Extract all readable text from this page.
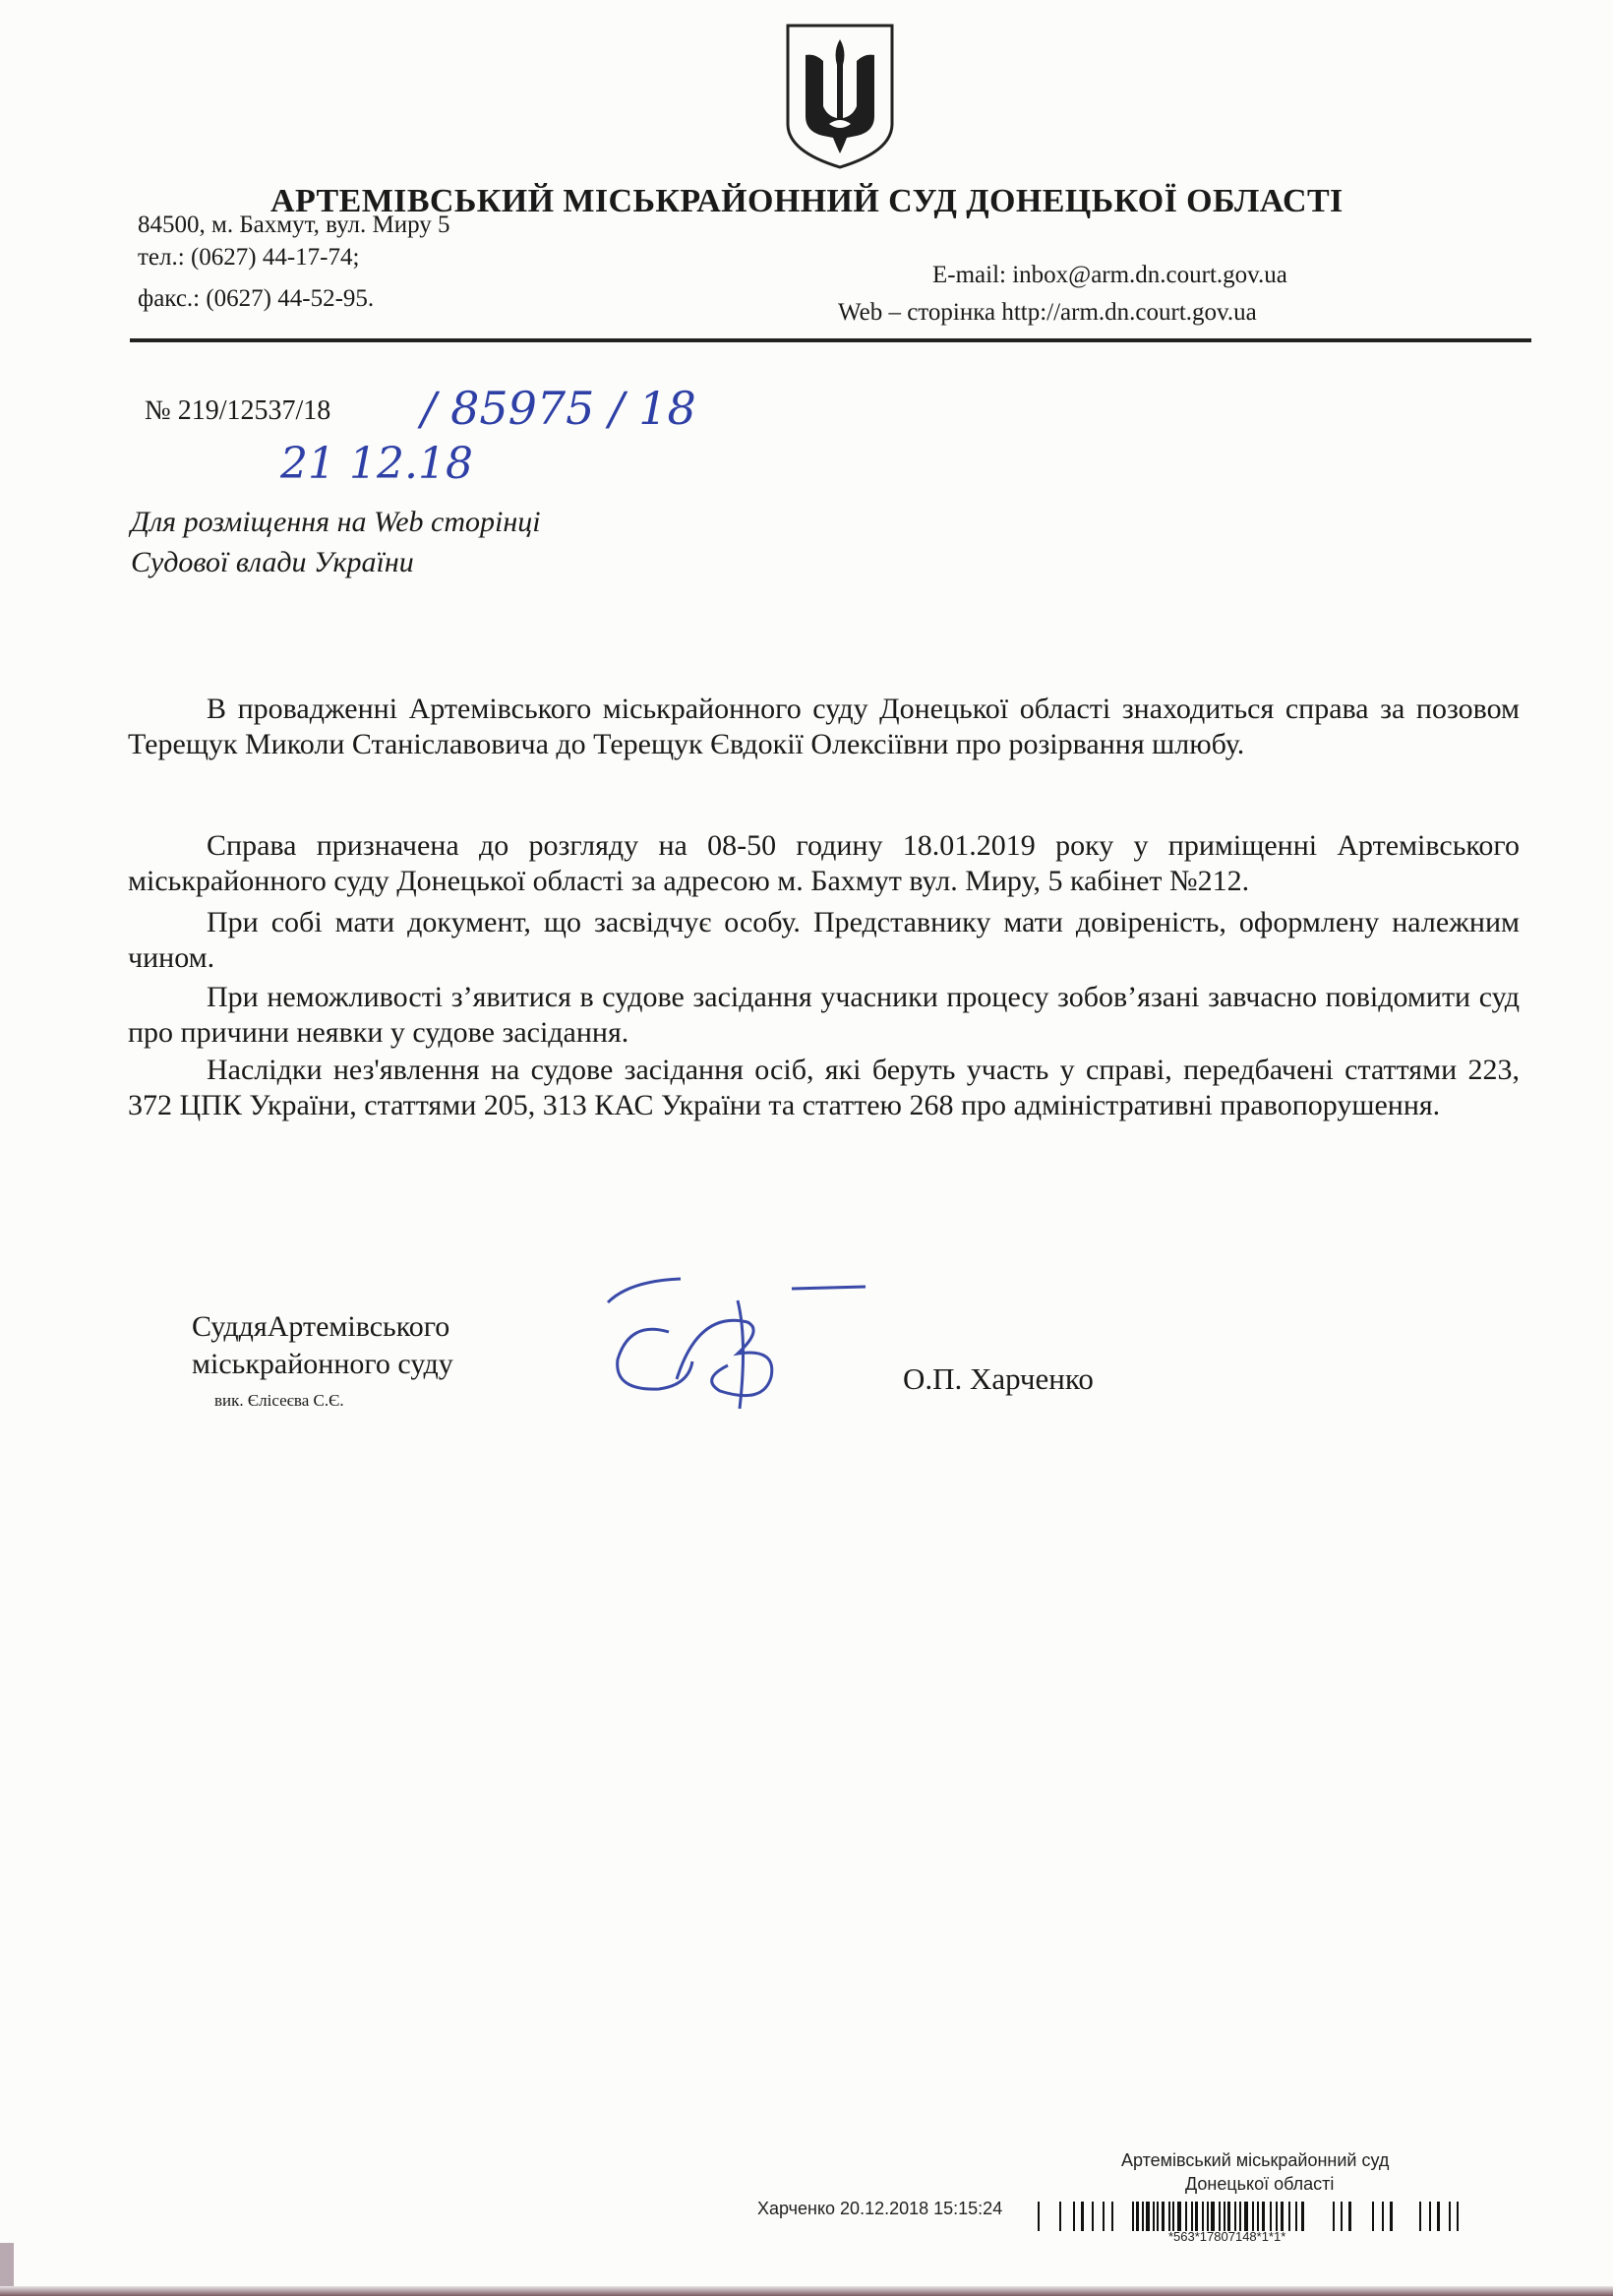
АРТЕМІВСЬКИЙ МІСЬКРАЙОННИЙ СУД ДОНЕЦЬКОЇ ОБЛАСТІ
84500, м. Бахмут, вул. Миру 5
тел.: (0627) 44-17-74;
факс.: (0627) 44-52-95.
E-mail: inbox@arm.dn.court.gov.ua
Web – сторінка http://arm.dn.court.gov.ua
№ 219/12537/18 / 85975 / 18
21 12.18
Для розміщення на Web сторінці
Судової влади України

В провадженні Артемівського міськрайонного суду Донецької області знаходиться справа за позовом Терещук Миколи Станіславовича до Терещук Євдокії Олексіївни про розірвання шлюбу.

Справа призначена до розгляду на 08-50 годину 18.01.2019 року у приміщенні Артемівського міськрайонного суду Донецької області за адресою м. Бахмут вул. Миру, 5 кабінет №212.

При собі мати документ, що засвідчує особу. Представнику мати довіреність, оформлену належним чином.

При неможливості з’явитися в судове засідання учасники процесу зобов’язані завчасно повідомити суд про причини неявки у судове засідання.

Наслідки нез'явлення на судове засідання осіб, які беруть участь у справі, передбачені статтями 223, 372 ЦПК України, статтями 205, 313 КАС України та статтею 268 про адміністративні правопорушення.

СуддяАртемівського
міськрайонного суду
вик. Єлісеєва С.Є.
О.П. Харченко
Артемівський міськрайонний суд
Донецької області
Харченко 20.12.2018 15:15:24
*563*17807148*1*1*
